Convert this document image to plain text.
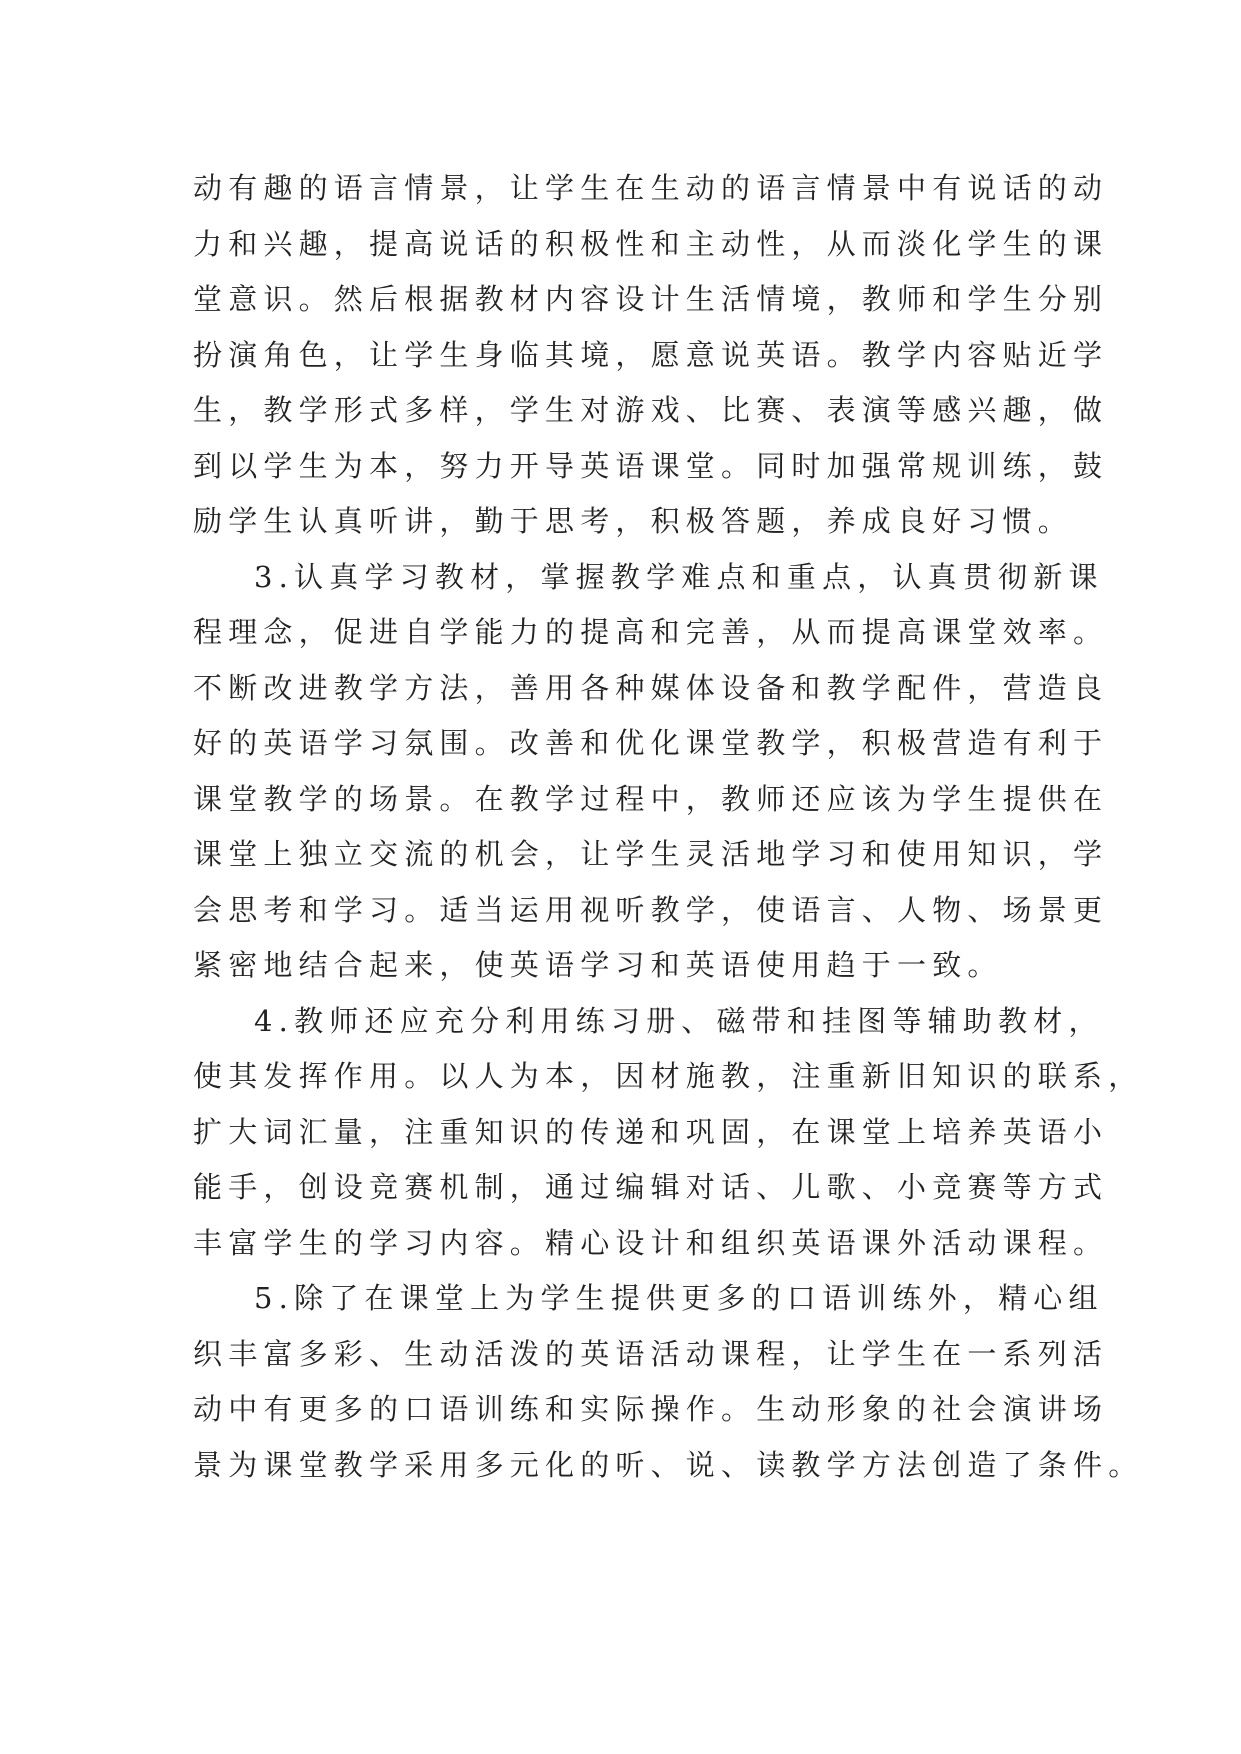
动有趣的语言情景，让学生在生动的语言情景中有说话的动
力和兴趣，提高说话的积极性和主动性，从而淡化学生的课
堂意识。然后根据教材内容设计生活情境，教师和学生分别
扮演角色，让学生身临其境，愿意说英语。教学内容贴近学
生，教学形式多样，学生对游戏、比赛、表演等感兴趣，做
到以学生为本，努力开导英语课堂。同时加强常规训练，鼓
励学生认真听讲，勤于思考，积极答题，养成良好习惯。
3.认真学习教材，掌握教学难点和重点，认真贯彻新课
程理念，促进自学能力的提高和完善，从而提高课堂效率。
不断改进教学方法，善用各种媒体设备和教学配件，营造良
好的英语学习氛围。改善和优化课堂教学，积极营造有利于
课堂教学的场景。在教学过程中，教师还应该为学生提供在
课堂上独立交流的机会，让学生灵活地学习和使用知识，学
会思考和学习。适当运用视听教学，使语言、人物、场景更
紧密地结合起来，使英语学习和英语使用趋于一致。
4.教师还应充分利用练习册、磁带和挂图等辅助教材，
使其发挥作用。以人为本，因材施教，注重新旧知识的联系，
扩大词汇量，注重知识的传递和巩固，在课堂上培养英语小
能手，创设竞赛机制，通过编辑对话、儿歌、小竞赛等方式
丰富学生的学习内容。精心设计和组织英语课外活动课程。
5.除了在课堂上为学生提供更多的口语训练外，精心组
织丰富多彩、生动活泼的英语活动课程，让学生在一系列活
动中有更多的口语训练和实际操作。生动形象的社会演讲场
景为课堂教学采用多元化的听、说、读教学方法创造了条件。
